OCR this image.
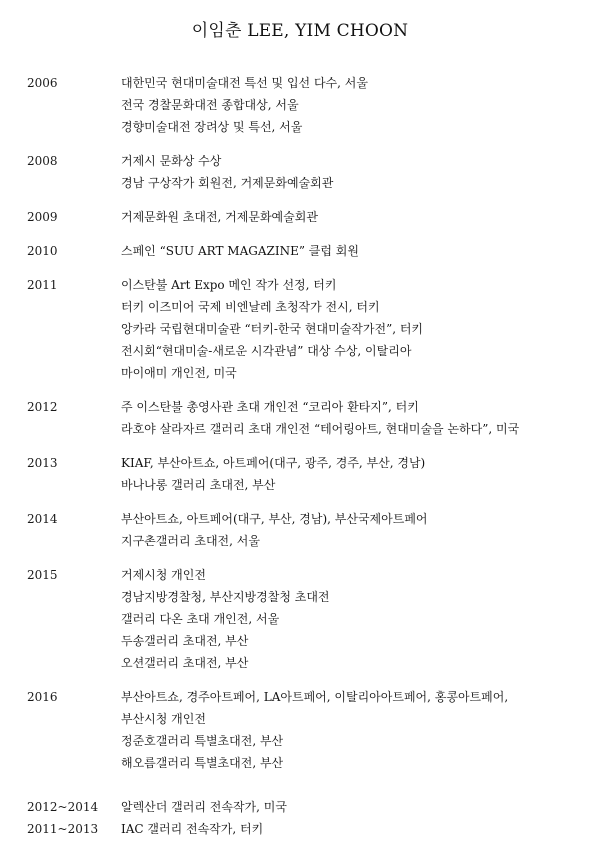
이임춘 LEE, YIM CHOON
2006	대한민국 현대미술대전 특선 및 입선 다수, 서울
전국 경찰문화대전 종합대상, 서울
경향미술대전 장려상 및 특선, 서울
2008	거제시 문화상 수상
경남 구상작가 회원전, 거제문화예술회관
2009	거제문화원 초대전, 거제문화예술회관
2010	스페인 “SUU ART MAGAZINE” 클럽 회원
2011	이스탄불 Art Expo 메인 작가 선정, 터키
터키 이즈미어 국제 비엔날레 초청작가 전시, 터키
앙카라 국립현대미술관 “터키-한국 현대미술작가전”, 터키
전시회“현대미술-새로운 시각관념” 대상 수상, 이탈리아
마이애미 개인전, 미국
2012	주 이스탄불 총영사관 초대 개인전 “코리아 환타지”, 터키
라호야 살라자르 갤러리 초대 개인전 “테어링아트, 현대미술을 논하다”, 미국
2013	KIAF, 부산아트쇼, 아트페어(대구, 광주, 경주, 부산, 경남)
바나나롱 갤러리 초대전, 부산
2014	부산아트쇼, 아트페어(대구, 부산, 경남), 부산국제아트페어
지구촌갤러리 초대전, 서울
2015	거제시청 개인전
경남지방경찰청, 부산지방경찰청 초대전
갤러리 다온 초대 개인전, 서울
두송갤러리 초대전, 부산
오션갤러리 초대전, 부산
2016	부산아트쇼, 경주아트페어, LA아트페어, 이탈리아아트페어, 홍콩아트페어,
부산시청 개인전
정준호갤러리 특별초대전, 부산
해오름갤러리 특별초대전, 부산
2012~2014	알렉산더 갤러리 전속작가, 미국
2011~2013	IAC 갤러리 전속작가, 터키
